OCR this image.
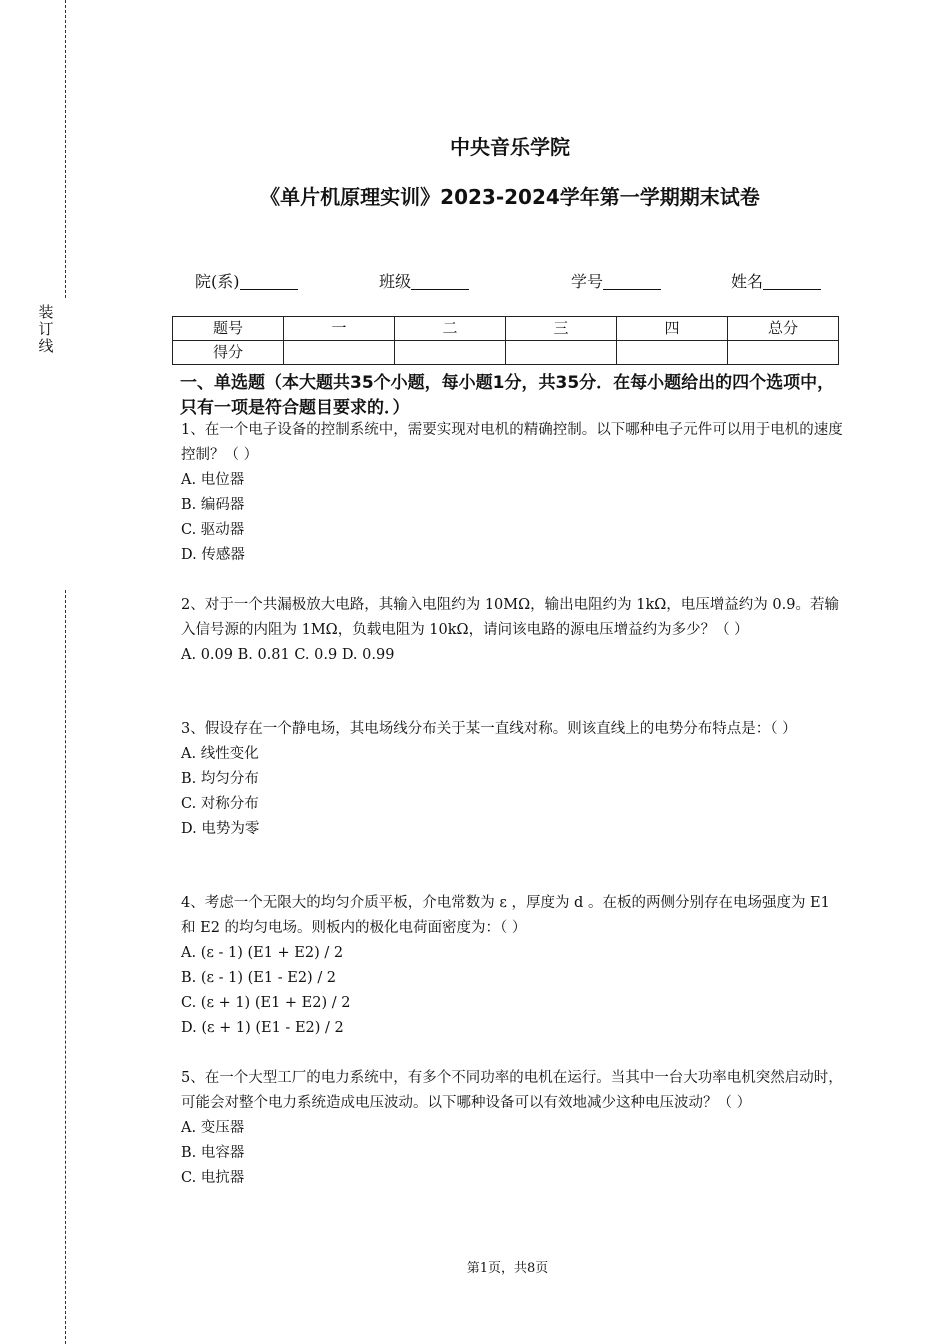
装
订
线
中央音乐学院
《单片机原理实训》2023-2024学年第一学期期末试卷
院(系)	班级	学号	姓名
题号	一	二	三	四	总分
得分					
一、单选题（本大题共35个小题，每小题1分，共35分．在每小题给出的四个选项中，只有一项是符合题目要求的．）

1、在一个电子设备的控制系统中，需要实现对电机的精确控制。以下哪种电子元件可以用于电机的速度控制？（ ）

A. 电位器

B. 编码器

C. 驱动器

D. 传感器

2、对于一个共漏极放大电路，其输入电阻约为 10MΩ，输出电阻约为 1kΩ，电压增益约为 0.9。若输入信号源的内阻为 1MΩ，负载电阻为 10kΩ，请问该电路的源电压增益约为多少？（ ）

A. 0.09 B. 0.81 C. 0.9 D. 0.99

3、假设存在一个静电场，其电场线分布关于某一直线对称。则该直线上的电势分布特点是：（ ）

A. 线性变化

B. 均匀分布

C. 对称分布

D. 电势为零

4、考虑一个无限大的均匀介质平板，介电常数为 ε ，厚度为 d 。在板的两侧分别存在电场强度为 E1 和 E2 的均匀电场。则板内的极化电荷面密度为：（ ）

A. (ε - 1) (E1 + E2) / 2

B. (ε - 1) (E1 - E2) / 2

C. (ε + 1) (E1 + E2) / 2

D. (ε + 1) (E1 - E2) / 2

5、在一个大型工厂的电力系统中，有多个不同功率的电机在运行。当其中一台大功率电机突然启动时，可能会对整个电力系统造成电压波动。以下哪种设备可以有效地减少这种电压波动？（ ）

A. 变压器

B. 电容器

C. 电抗器

第1页，共8页
